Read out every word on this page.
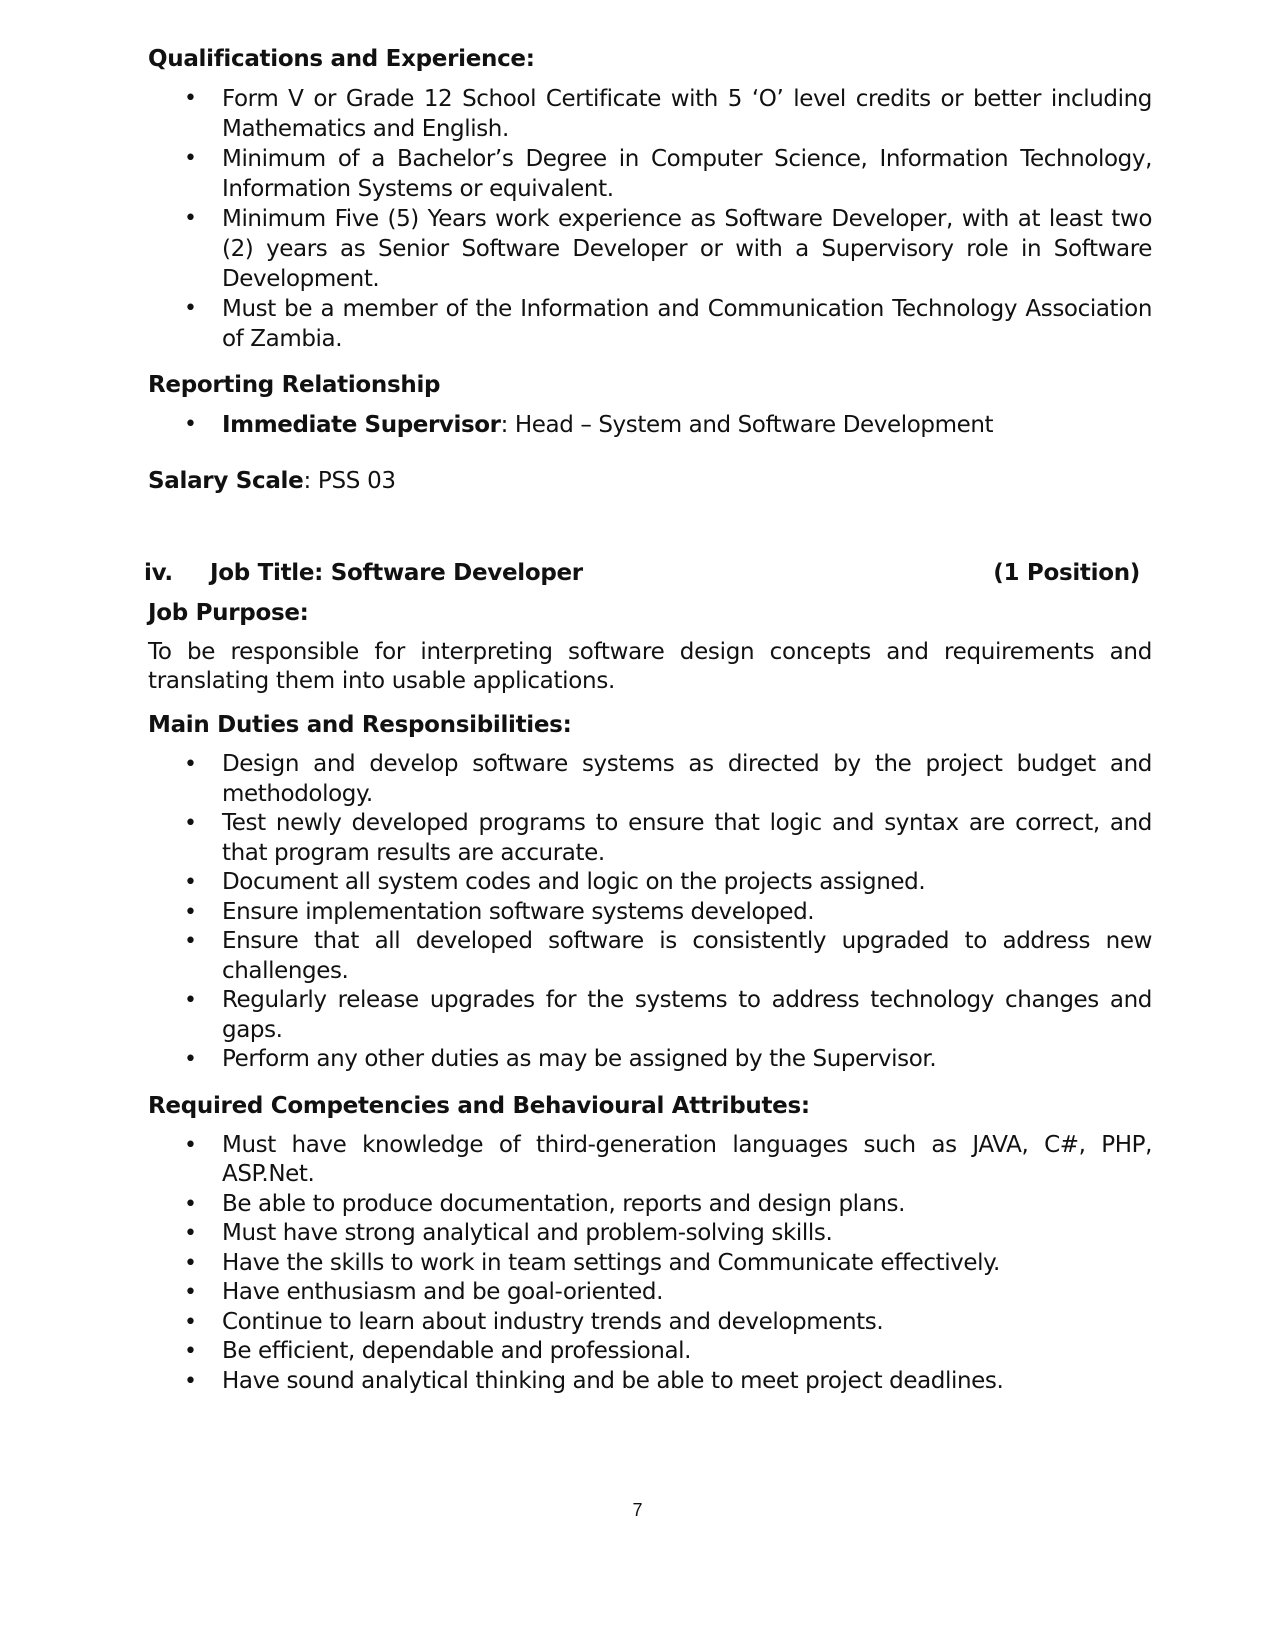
Qualifications and Experience:
• Form V or Grade 12 School Certificate with 5 ‘O’ level credits or better including Mathematics and English.
• Minimum of a Bachelor’s Degree in Computer Science, Information Technology, Information Systems or equivalent.
• Minimum Five (5) Years work experience as Software Developer, with at least two (2) years as Senior Software Developer or with a Supervisory role in Software Development.
• Must be a member of the Information and Communication Technology Association of Zambia.
Reporting Relationship
• Immediate Supervisor: Head – System and Software Development
Salary Scale: PSS 03
iv. Job Title: Software Developer	(1 Position)
Job Purpose:
To be responsible for interpreting software design concepts and requirements and translating them into usable applications.
Main Duties and Responsibilities:
• Design and develop software systems as directed by the project budget and methodology.
• Test newly developed programs to ensure that logic and syntax are correct, and that program results are accurate.
• Document all system codes and logic on the projects assigned.
• Ensure implementation software systems developed.
• Ensure that all developed software is consistently upgraded to address new challenges.
• Regularly release upgrades for the systems to address technology changes and gaps.
• Perform any other duties as may be assigned by the Supervisor.
Required Competencies and Behavioural Attributes:
• Must have knowledge of third-generation languages such as JAVA, C#, PHP, ASP.Net.
• Be able to produce documentation, reports and design plans.
• Must have strong analytical and problem-solving skills.
• Have the skills to work in team settings and Communicate effectively.
• Have enthusiasm and be goal-oriented.
• Continue to learn about industry trends and developments.
• Be efficient, dependable and professional.
• Have sound analytical thinking and be able to meet project deadlines.
7
